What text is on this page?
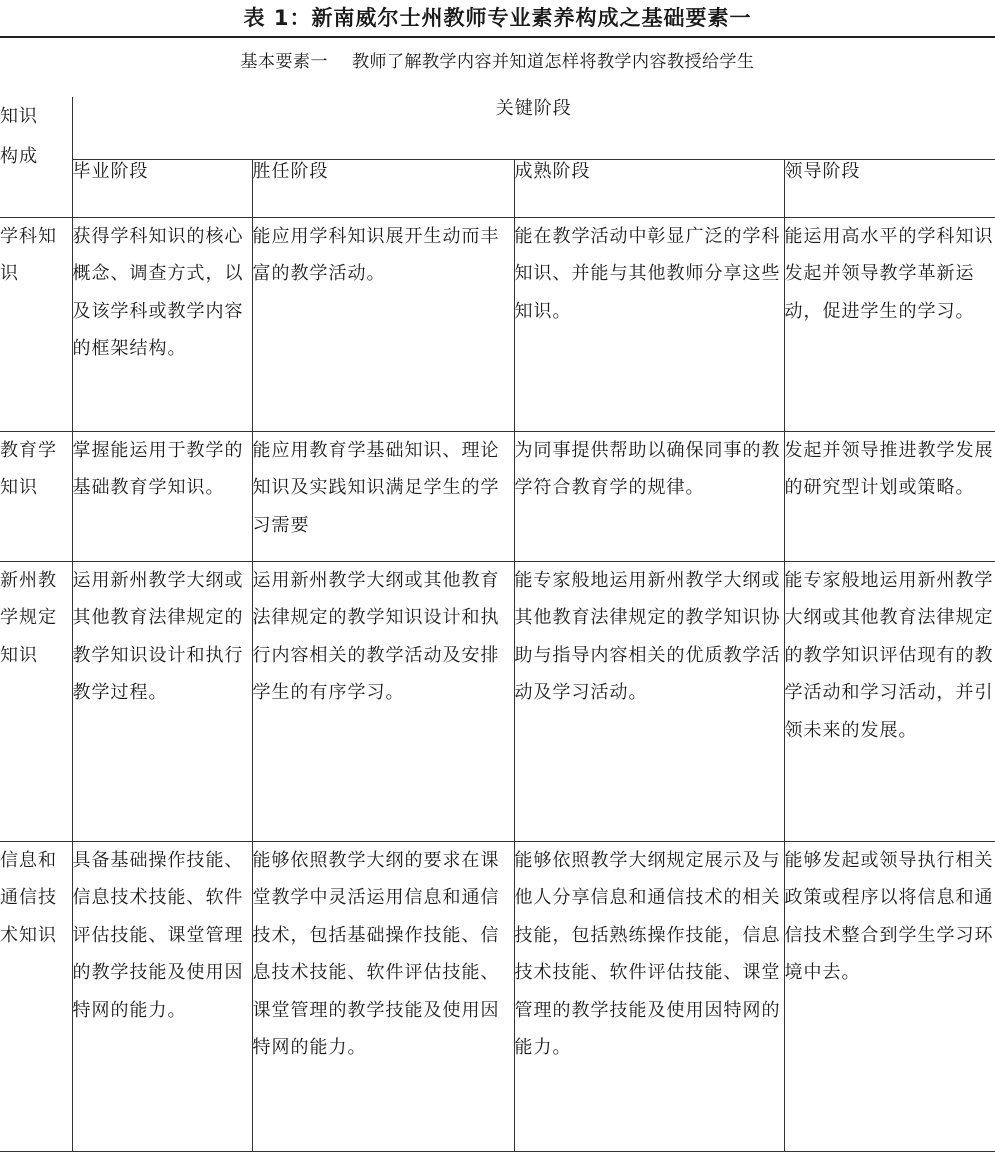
表 1：新南威尔士州教师专业素养构成之基础要素一
基本要素一 教师了解教学内容并知道怎样将教学内容教授给学生
知识
构成	关键阶段			
	毕业阶段	胜任阶段	成熟阶段	领导阶段
学科知识	获得学科知识的核心概念、调查方式，以及该学科或教学内容的框架结构。	能应用学科知识展开生动而丰富的教学活动。	能在教学活动中彰显广泛的学科知识、并能与其他教师分享这些知识。	能运用高水平的学科知识发起并领导教学革新运动，促进学生的学习。
教育学知识	掌握能运用于教学的基础教育学知识。	能应用教育学基础知识、理论知识及实践知识满足学生的学习需要	为同事提供帮助以确保同事的教学符合教育学的规律。	发起并领导推进教学发展的研究型计划或策略。
新州教学规定知识	运用新州教学大纲或其他教育法律规定的教学知识设计和执行教学过程。	运用新州教学大纲或其他教育法律规定的教学知识设计和执行内容相关的教学活动及安排学生的有序学习。	能专家般地运用新州教学大纲或其他教育法律规定的教学知识协助与指导内容相关的优质教学活动及学习活动。	能专家般地运用新州教学大纲或其他教育法律规定的教学知识评估现有的教学活动和学习活动，并引领未来的发展。
信息和通信技术知识	具备基础操作技能、信息技术技能、软件评估技能、课堂管理的教学技能及使用因特网的能力。	能够依照教学大纲的要求在课堂教学中灵活运用信息和通信技术，包括基础操作技能、信息技术技能、软件评估技能、课堂管理的教学技能及使用因特网的能力。	能够依照教学大纲规定展示及与他人分享信息和通信技术的相关技能，包括熟练操作技能，信息技术技能、软件评估技能、课堂管理的教学技能及使用因特网的能力。	能够发起或领导执行相关政策或程序以将信息和通信技术整合到学生学习环境中去。
